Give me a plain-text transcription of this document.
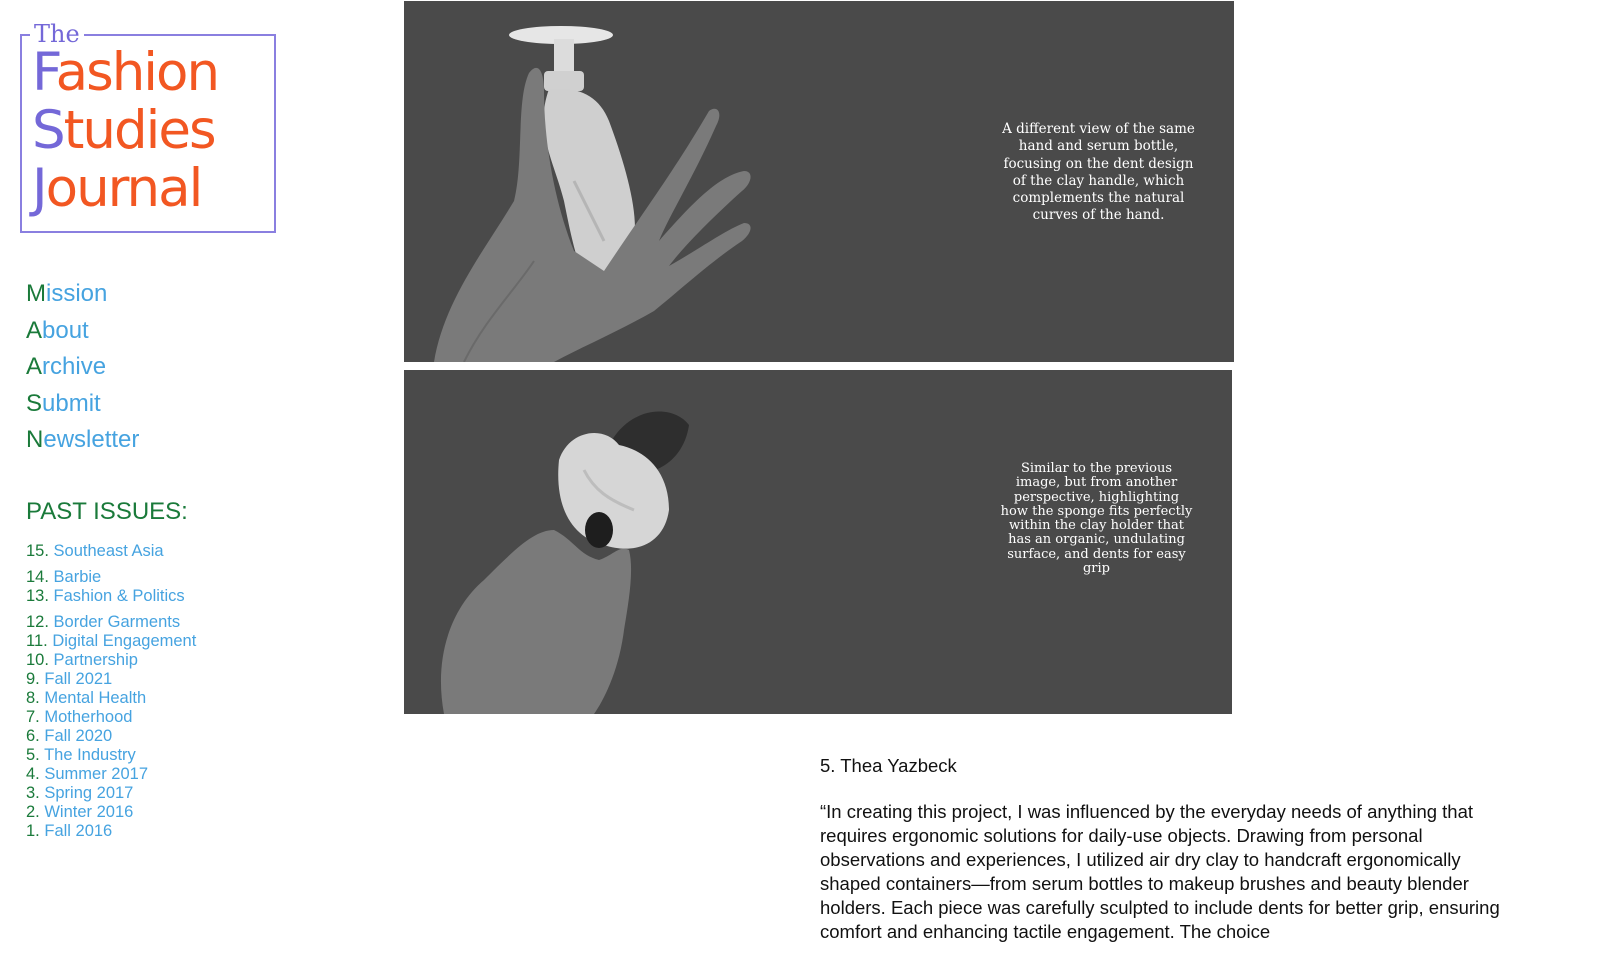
The
Fashion
Studies
Journal
Mission
About
Archive
Submit
Newsletter
PAST ISSUES:
15. Southeast Asia
14. Barbie
13. Fashion & Politics
12. Border Garments
11. Digital Engagement
10. Partnership
9. Fall 2021
8. Mental Health
7. Motherhood
6. Fall 2020
5. The Industry
4. Summer 2017
3. Spring 2017
2. Winter 2016
1. Fall 2016
A different view of the same hand and serum bottle, focusing on the dent design of the clay handle, which complements the natural curves of the hand.
Similar to the previous image, but from another perspective, highlighting how the sponge fits perfectly within the clay holder that has an organic, undulating surface, and dents for easy grip
5. Thea Yazbeck
“In creating this project, I was influenced by the everyday needs of anything that requires ergonomic solutions for daily-use objects. Drawing from personal observations and experiences, I utilized air dry clay to handcraft ergonomically shaped containers—from serum bottles to makeup brushes and beauty blender holders. Each piece was carefully sculpted to include dents for better grip, ensuring comfort and enhancing tactile engagement. The choice
